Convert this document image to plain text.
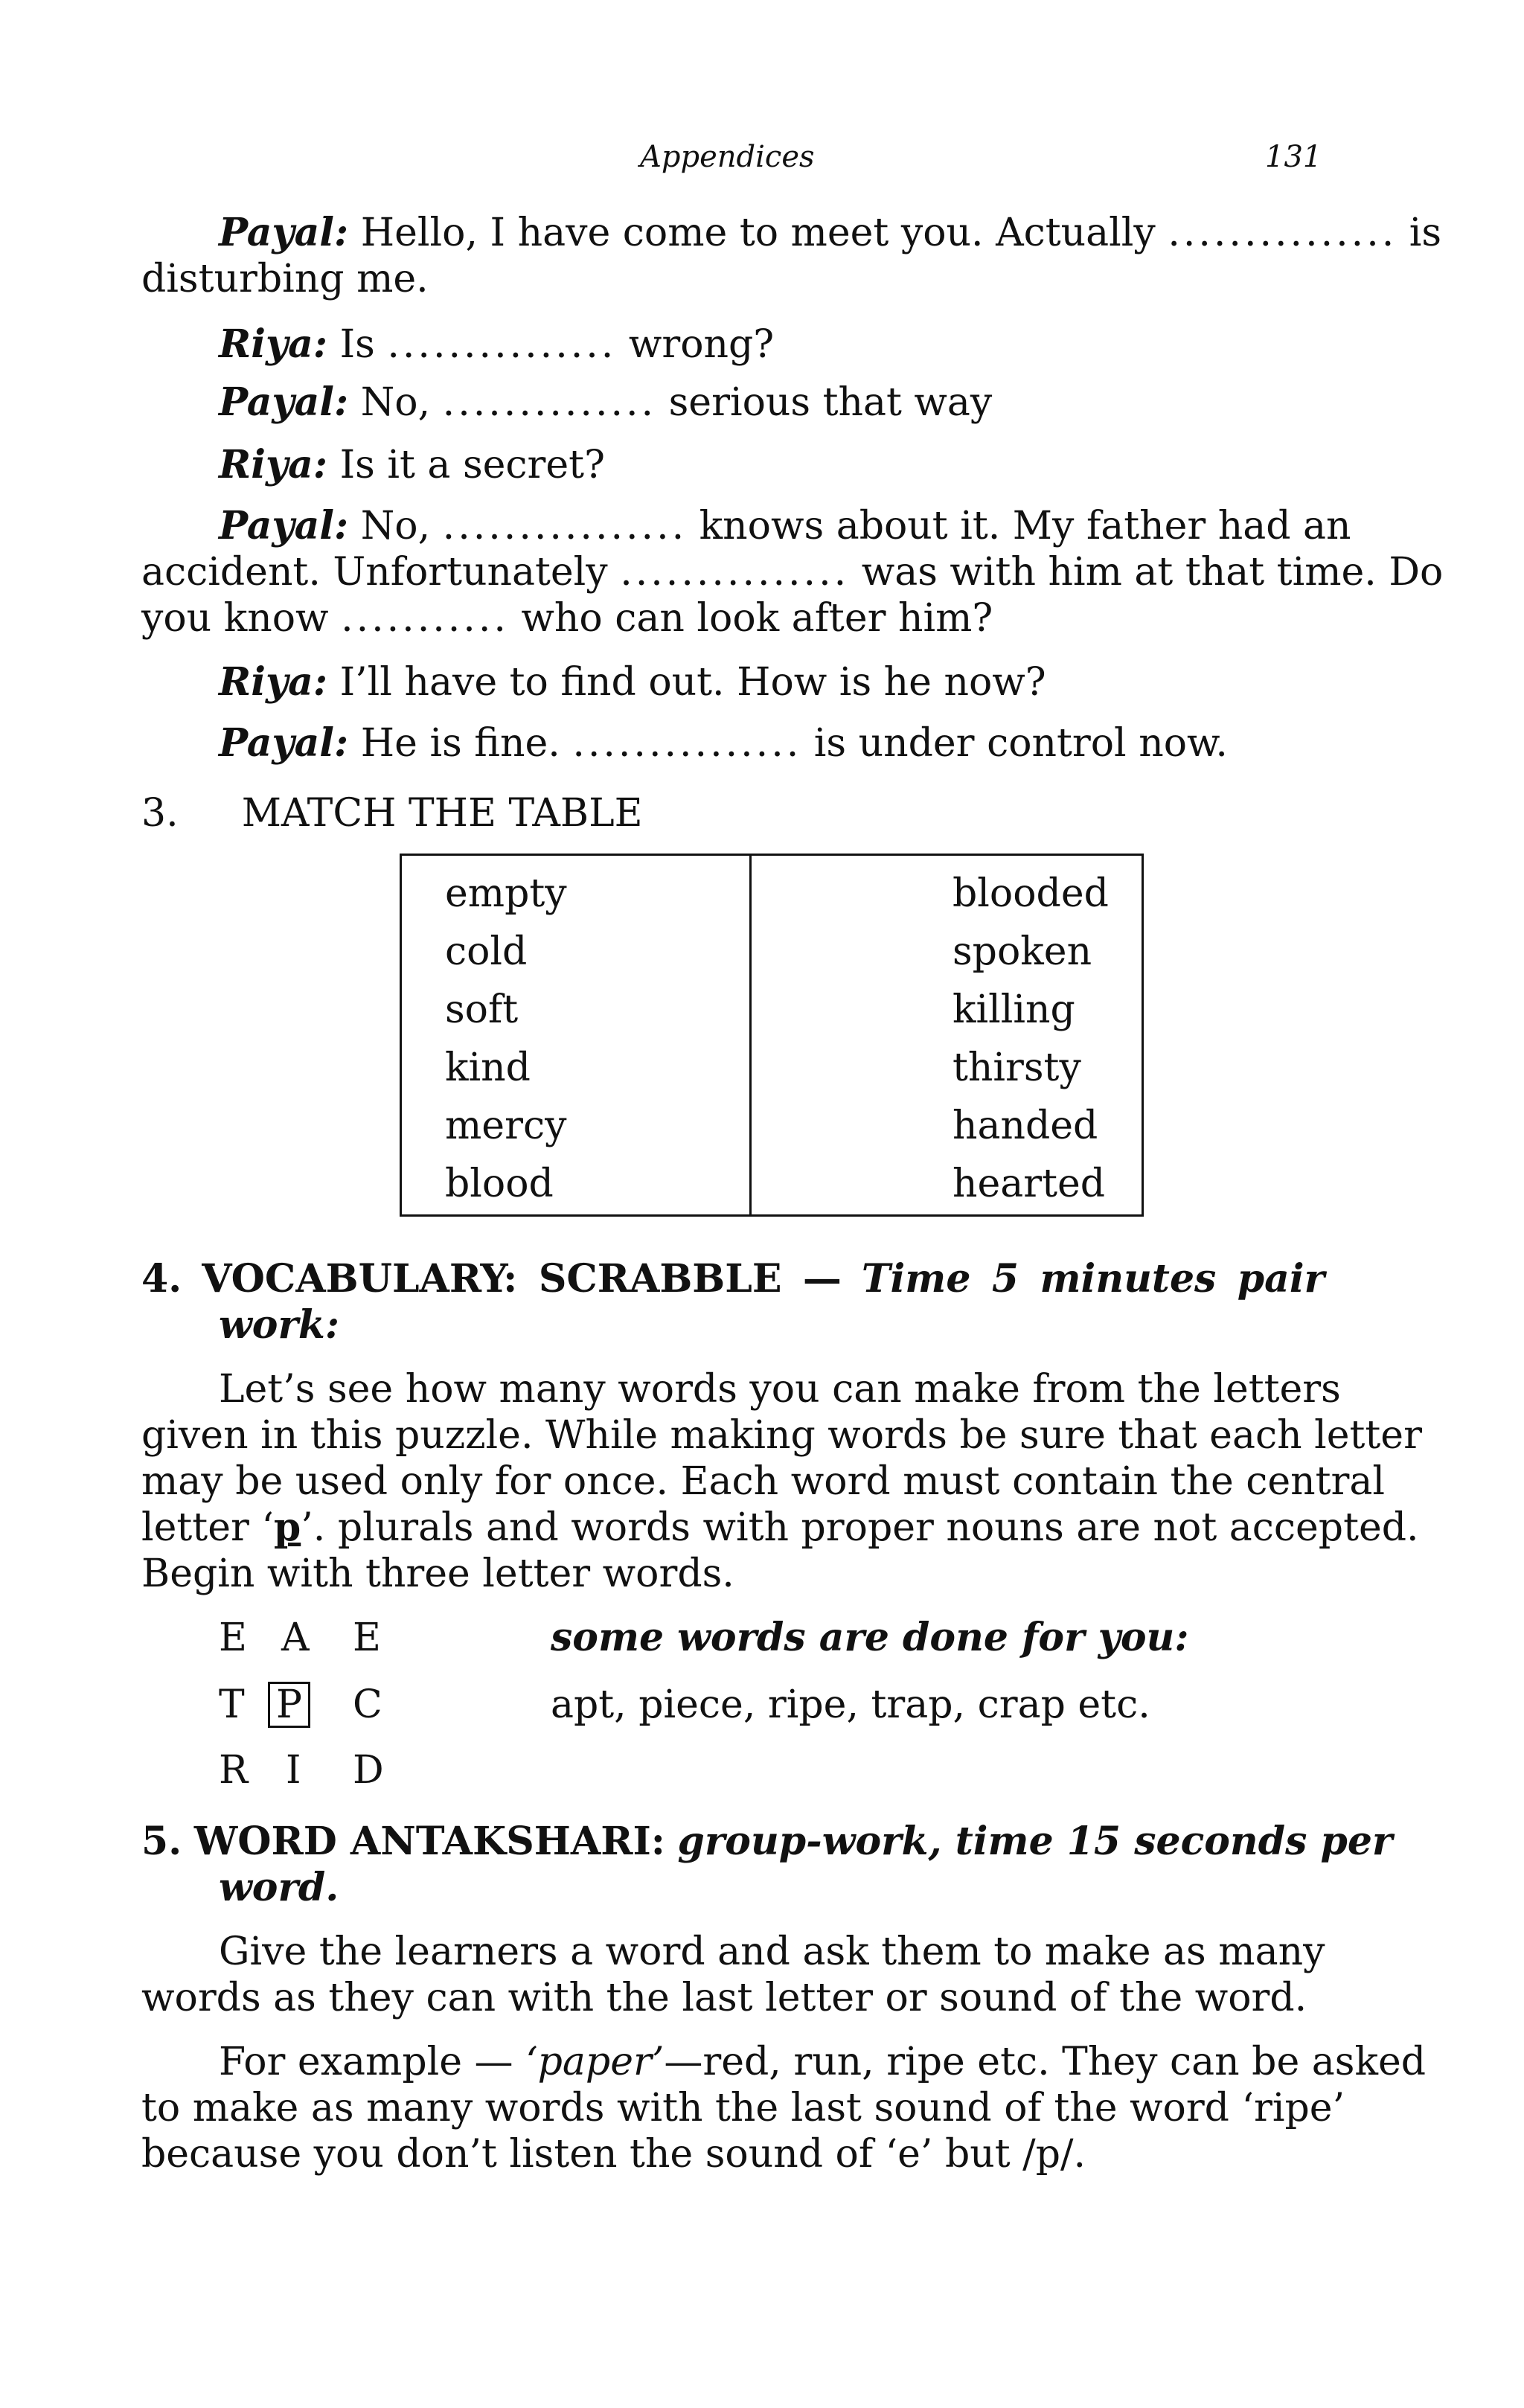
Appendices	131
Payal: Hello, I have come to meet you. Actually ............... is
disturbing me.
Riya: Is ............... wrong?
Payal: No, .............. serious that way
Riya: Is it a secret?
Payal: No, ................ knows about it. My father had an
accident. Unfortunately ............... was with him at that time. Do
you know ........... who can look after him?
Riya: I’ll have to find out. How is he now?
Payal: He is fine. ............... is under control now.
3. MATCH THE TABLE
empty
cold
soft
kind
mercy
blood
blooded
spoken
killing
thirsty
handed
hearted
4. VOCABULARY: SCRABBLE — Time 5 minutes pair
work:
Let’s see how many words you can make from the letters
given in this puzzle. While making words be sure that each letter
may be used only for once. Each word must contain the central
letter ‘p’. plurals and words with proper nouns are not accepted.
Begin with three letter words.
E A E
T P C
R I D
some words are done for you:
apt, piece, ripe, trap, crap etc.
5. WORD ANTAKSHARI: group-work, time 15 seconds per
word.
Give the learners a word and ask them to make as many
words as they can with the last letter or sound of the word.
For example — ‘paper’—red, run, ripe etc. They can be asked
to make as many words with the last sound of the word ‘ripe’
because you don’t listen the sound of ‘e’ but /p/.
